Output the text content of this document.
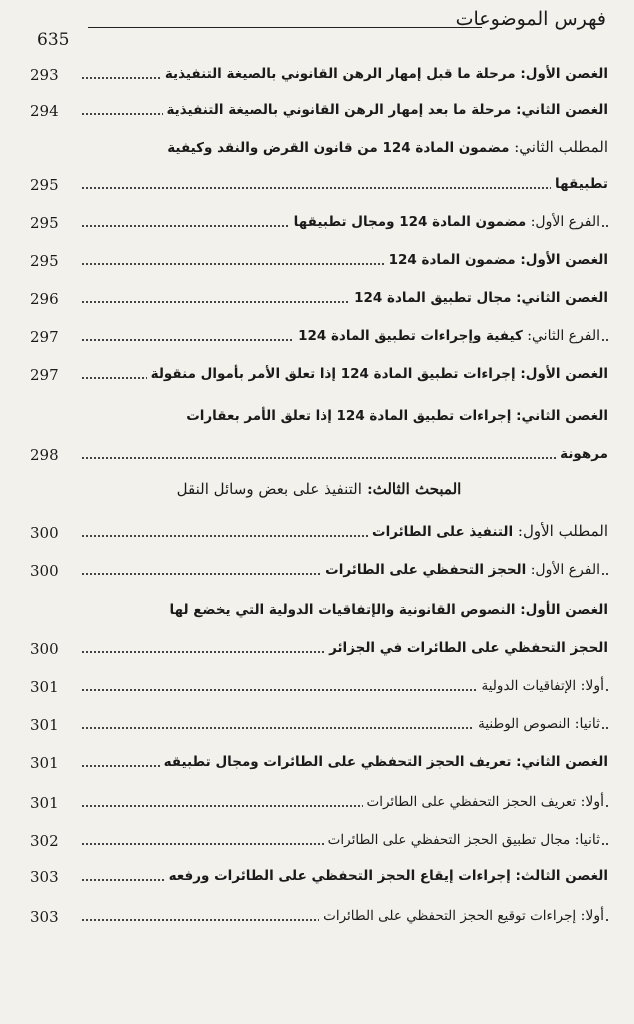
فهرس الموضوعات
635
الغصن الأول: مرحلة ما قبل إمهار الرهن القانوني بالصيغة التنفيذية
293
الغصن الثاني: مرحلة ما بعد إمهار الرهن القانوني بالصيغة التنفيذية
294
المطلب الثاني: مضمون المادة 124 من قانون القرض والنقد وكيفية
تطبيقها
295
الفرع الأول: مضمون المادة 124 ومجال تطبيقها
295
الغصن الأول: مضمون المادة 124
295
الغصن الثاني: مجال تطبيق المادة 124
296
الفرع الثاني: كيفية وإجراءات تطبيق المادة 124
297
الغصن الأول: إجراءات تطبيق المادة 124 إذا تعلق الأمر بأموال منقولة
297
الغصن الثاني: إجراءات تطبيق المادة 124 إذا تعلق الأمر بعقارات
مرهونة
298
المبحث الثالث: التنفيذ على بعض وسائل النقل
المطلب الأول: التنفيذ على الطائرات
300
الفرع الأول: الحجز التحفظي على الطائرات
300
الغصن الأول: النصوص القانونية والإتفاقيات الدولية التي يخضع لها
الحجز التحفظي على الطائرات في الجزائر
300
أولا: الإتفاقيات الدولية
301
ثانيا: النصوص الوطنية
301
الغصن الثاني: تعريف الحجز التحفظي على الطائرات ومجال تطبيقه
301
أولا: تعريف الحجز التحفظي على الطائرات
301
ثانيا: مجال تطبيق الحجز التحفظي على الطائرات
302
الغصن الثالث: إجراءات إيقاع الحجز التحفظي على الطائرات ورفعه
303
أولا: إجراءات توقيع الحجز التحفظي على الطائرات
303
